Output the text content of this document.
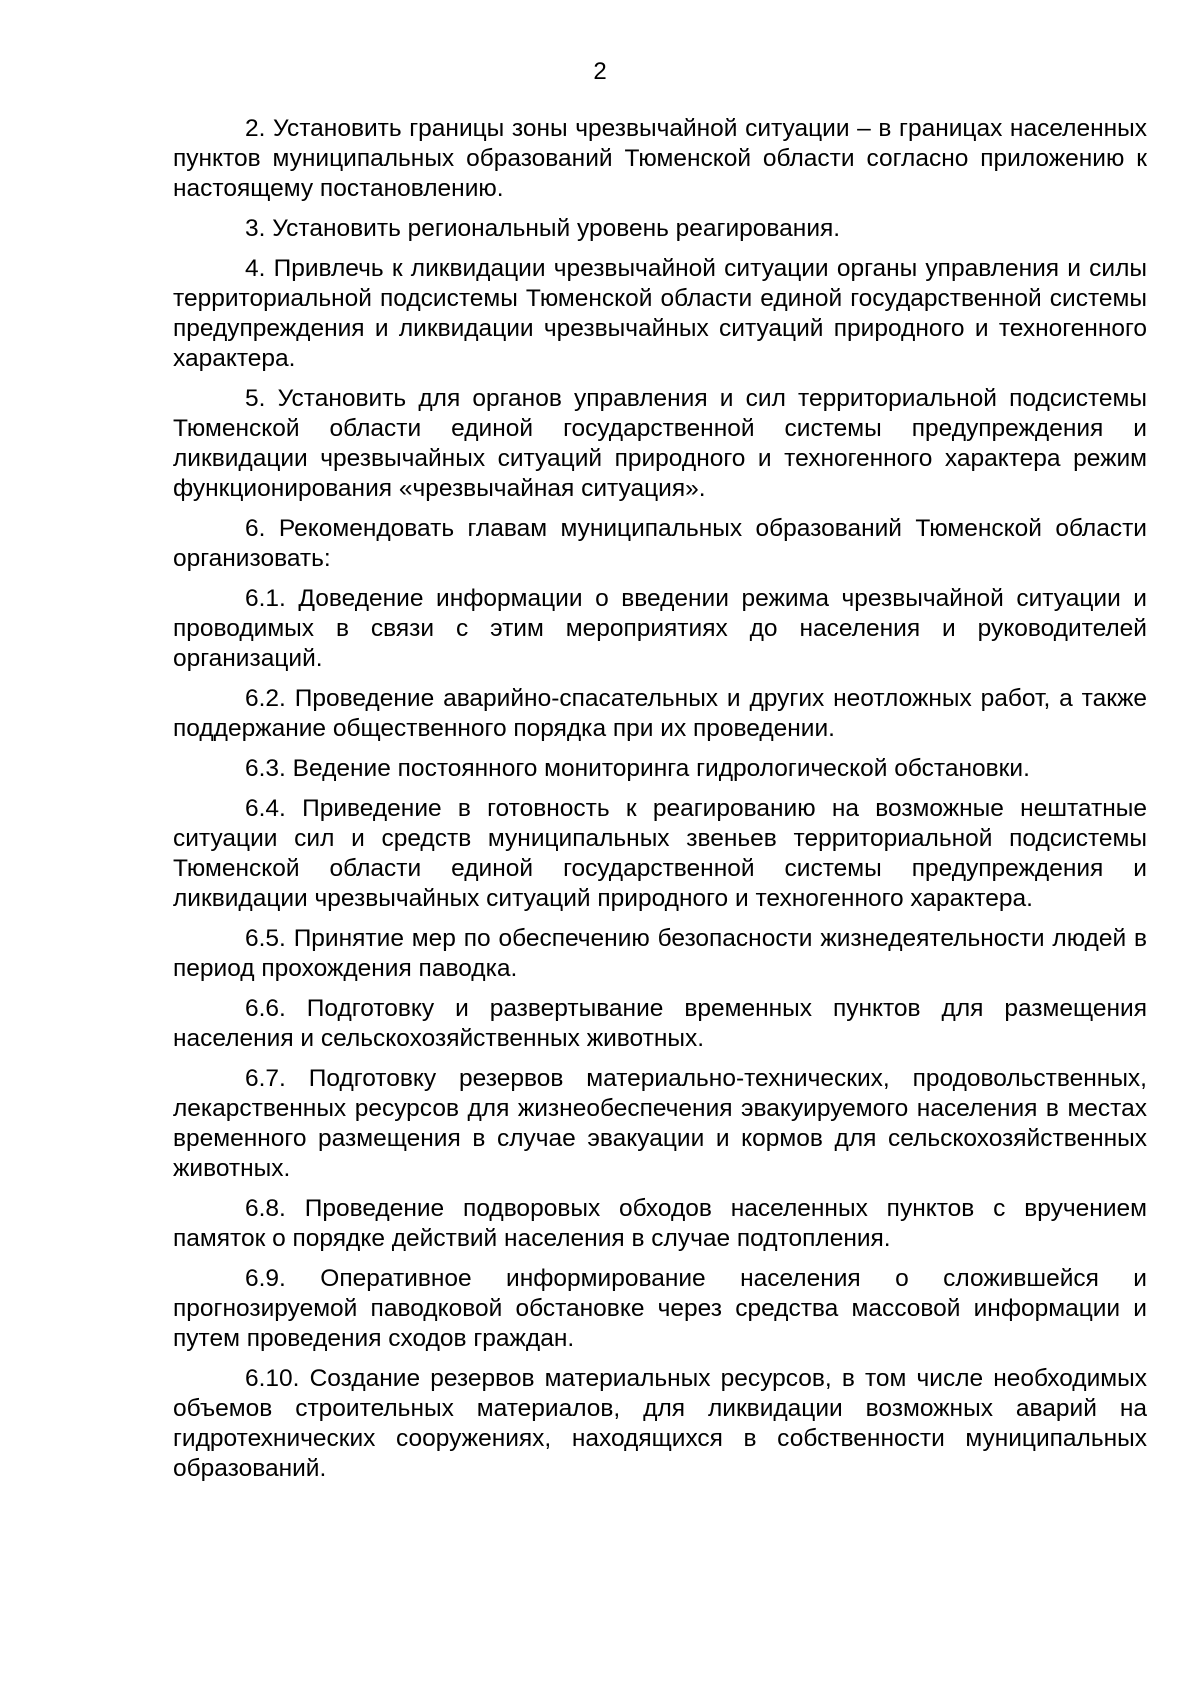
2

2. Установить границы зоны чрезвычайной ситуации – в границах населенных пунктов муниципальных образований Тюменской области согласно приложению к настоящему постановлению.

3. Установить региональный уровень реагирования.

4. Привлечь к ликвидации чрезвычайной ситуации органы управления и силы территориальной подсистемы Тюменской области единой государственной системы предупреждения и ликвидации чрезвычайных ситуаций природного и техногенного характера.

5. Установить для органов управления и сил территориальной подсистемы Тюменской области единой государственной системы предупреждения и ликвидации чрезвычайных ситуаций природного и техногенного характера режим функционирования «чрезвычайная ситуация».

6. Рекомендовать главам муниципальных образований Тюменской области организовать:

6.1. Доведение информации о введении режима чрезвычайной ситуации и проводимых в связи с этим мероприятиях до населения и руководителей организаций.

6.2. Проведение аварийно-спасательных и других неотложных работ, а также поддержание общественного порядка при их проведении.

6.3. Ведение постоянного мониторинга гидрологической обстановки.

6.4. Приведение в готовность к реагированию на возможные нештатные ситуации сил и средств муниципальных звеньев территориальной подсистемы Тюменской области единой государственной системы предупреждения и ликвидации чрезвычайных ситуаций природного и техногенного характера.

6.5. Принятие мер по обеспечению безопасности жизнедеятельности людей в период прохождения паводка.

6.6. Подготовку и развертывание временных пунктов для размещения населения и сельскохозяйственных животных.

6.7. Подготовку резервов материально-технических, продовольственных, лекарственных ресурсов для жизнеобеспечения эвакуируемого населения в местах временного размещения в случае эвакуации и кормов для сельскохозяйственных животных.

6.8. Проведение подворовых обходов населенных пунктов с вручением памяток о порядке действий населения в случае подтопления.

6.9. Оперативное информирование населения о сложившейся и прогнозируемой паводковой обстановке через средства массовой информации и путем проведения сходов граждан.

6.10. Создание резервов материальных ресурсов, в том числе необходимых объемов строительных материалов, для ликвидации возможных аварий на гидротехнических сооружениях, находящихся в собственности муниципальных образований.
